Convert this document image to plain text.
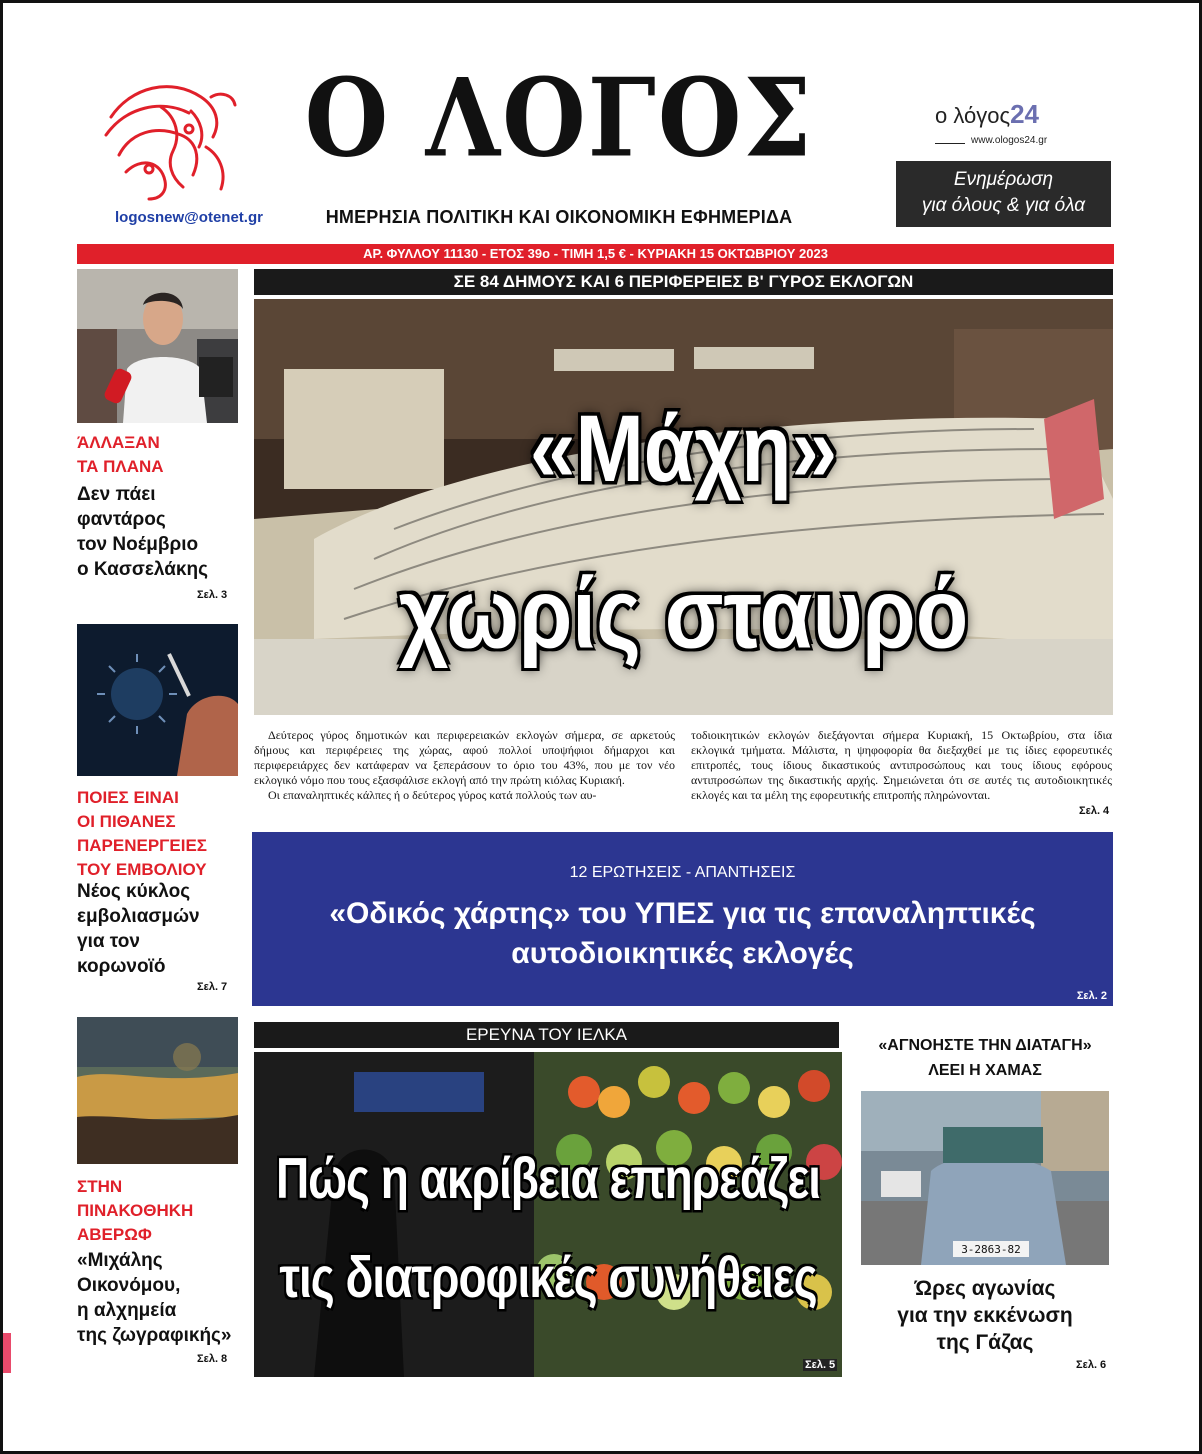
logosnew@otenet.gr
Ο ΛΟΓΟΣ
ΗΜΕΡΗΣΙΑ ΠΟΛΙΤΙΚΗ ΚΑΙ ΟΙΚΟΝΟΜΙΚΗ ΕΦΗΜΕΡΙΔΑ
ο λόγος24
www.ologos24.gr
Ενημέρωση
για όλους & για όλα
ΑΡ. ΦΥΛΛΟΥ 11130 - ΕΤΟΣ 39ο - ΤΙΜΗ 1,5 € - ΚΥΡΙΑΚΗ 15 ΟΚΤΩΒΡΙΟΥ 2023
ΆΛΛΑΞΑΝ
ΤΑ ΠΛΑΝΑ
Δεν πάει
φαντάρος
τον Νοέμβριο
ο Κασσελάκης
Σελ. 3
ΠΟΙΕΣ ΕΙΝΑΙ
ΟΙ ΠΙΘΑΝΕΣ
ΠΑΡΕΝΕΡΓΕΙΕΣ
ΤΟΥ ΕΜΒΟΛΙΟΥ
Νέος κύκλος
εμβολιασμών
για τον
κορωνοϊό
Σελ. 7
ΣΤΗΝ
ΠΙΝΑΚΟΘΗΚΗ
ΑΒΕΡΩΦ
«Μιχάλης
Οικονόμου,
η αλχημεία
της ζωγραφικής»
Σελ. 8
ΣΕ 84 ΔΗΜΟΥΣ ΚΑΙ 6 ΠΕΡΙΦΕΡΕΙΕΣ Β' ΓΥΡΟΣ ΕΚΛΟΓΩΝ
«Μάχη»
χωρίς σταυρό

Δεύτερος γύρος δημοτικών και περιφερειακών εκλογών σήμερα, σε αρκετούς δήμους και περιφέρειες της χώρας, αφού πολλοί υποψήφιοι δήμαρχοι και περιφερειάρχες δεν κατάφεραν να ξεπεράσουν το όριο του 43%, που με τον νέο εκλογικό νόμο που τους εξασφάλισε εκλογή από την πρώτη κιόλας Κυριακή.

Οι επαναληπτικές κάλπες ή ο δεύτερος γύρος κατά πολλούς των αυ-

τοδιοικητικών εκλογών διεξάγονται σήμερα Κυριακή, 15 Οκτωβρίου, στα ίδια εκλογικά τμήματα. Μάλιστα, η ψηφοφορία θα διεξαχθεί με τις ίδιες εφορευτικές επιτροπές, τους ίδιους δικαστικούς αντιπροσώπους και τους ίδιους εφόρους αντιπροσώπων της δικαστικής αρχής. Σημειώνεται ότι σε αυτές τις αυτοδιοικητικές εκλογές και τα μέλη της εφορευτικής επιτροπής πληρώνονται.

Σελ. 4
12 ΕΡΩΤΗΣΕΙΣ - ΑΠΑΝΤΗΣΕΙΣ
«Οδικός χάρτης» του ΥΠΕΣ για τις επαναληπτικές
αυτοδιοικητικές εκλογές
Σελ. 2
ΕΡΕΥΝΑ ΤΟΥ ΙΕΛΚΑ
Πώς η ακρίβεια επηρεάζει
τις διατροφικές συνήθειες
Σελ. 5
«ΑΓΝΟΗΣΤΕ ΤΗΝ ΔΙΑΤΑΓΗ»
ΛΕΕΙ Η ΧΑΜΑΣ
3-2863-82
Ώρες αγωνίας
για την εκκένωση
της Γάζας
Σελ. 6
